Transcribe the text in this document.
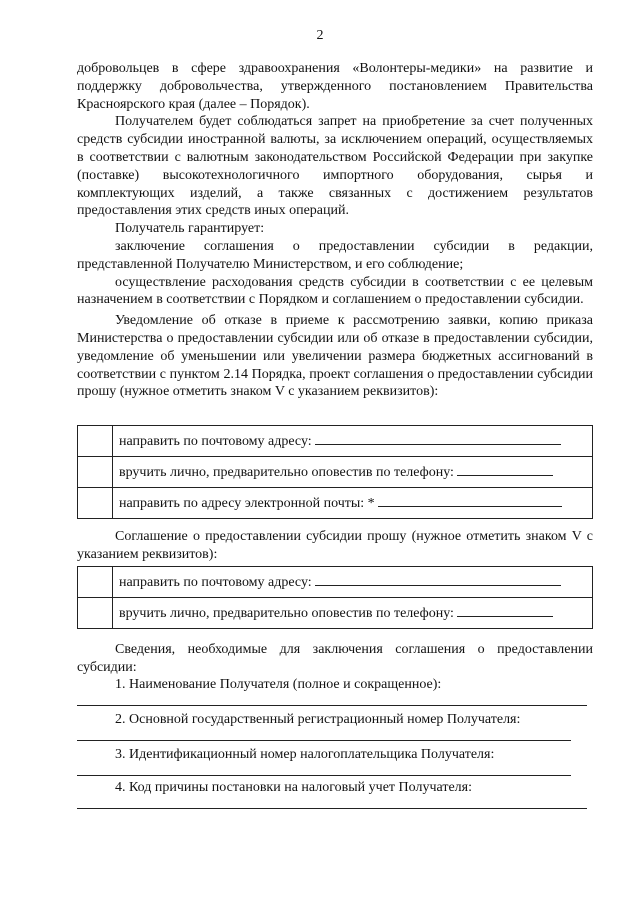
2

добровольцев в сфере здравоохранения «Волонтеры-медики» на развитие и поддержку добровольчества, утвержденного постановлением Правительства Красноярского края (далее – Порядок).

Получателем будет соблюдаться запрет на приобретение за счет полученных средств субсидии иностранной валюты, за исключением операций, осуществляемых в соответствии с валютным законодательством Российской Федерации при закупке (поставке) высокотехнологичного импортного оборудования, сырья и комплектующих изделий, а также связанных с достижением результатов предоставления этих средств иных операций.

Получатель гарантирует:

заключение соглашения о предоставлении субсидии в редакции, представленной Получателю Министерством, и его соблюдение;

осуществление расходования средств субсидии в соответствии с ее целевым назначением в соответствии с Порядком и соглашением о предоставлении субсидии.

Уведомление об отказе в приеме к рассмотрению заявки, копию приказа Министерства о предоставлении субсидии или об отказе в предоставлении субсидии, уведомление об уменьшении или увеличении размера бюджетных ассигнований в соответствии с пунктом 2.14 Порядка, проект соглашения о предоставлении субсидии прошу (нужное отметить знаком V с указанием реквизитов):

	направить по почтовому адресу:
	вручить лично, предварительно оповестив по телефону:
	направить по адресу электронной почты: *

Соглашение о предоставлении субсидии прошу (нужное отметить знаком V с указанием реквизитов):

	направить по почтовому адресу:
	вручить лично, предварительно оповестив по телефону:

Сведения, необходимые для заключения соглашения о предоставлении субсидии:

1. Наименование Получателя (полное и сокращенное):
2. Основной государственный регистрационный номер Получателя:
3. Идентификационный номер налогоплательщика Получателя:
4. Код причины постановки на налоговый учет Получателя:
